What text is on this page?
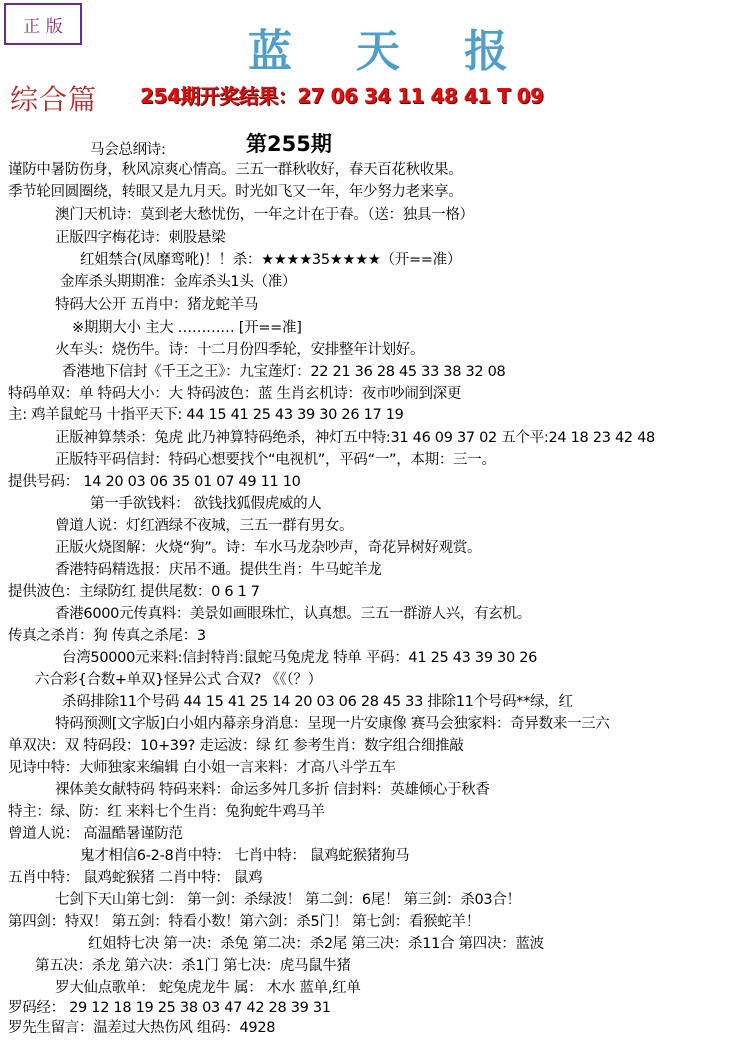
正 版	蓝 天 报
综合篇 254期开奖结果：27 06 34 11 48 41 T 09
第255期
马会总纲诗:
谨防中暑防伤身，秋风凉爽心情高。三五一群秋收好，春天百花秋收果。
季节轮回圆圈绕，转眼又是九月天。时光如飞又一年，年少努力老来享。
澳门天机诗：莫到老大愁忧伤，一年之计在于春。（送：独具一格）
正版四字梅花诗：刺股悬梁
红姐禁合(凤靡鸾吪)！！杀：★★★★35★★★★（开==准）
金库杀头期期准：金库杀头1头（准）
特码大公开 五肖中：猪龙蛇羊马
※期期大小 主大 ………… [开==准]
火车头：烧伤牛。诗：十二月份四季轮，安排整年计划好。
香港地下信封《千王之王》：九宝莲灯：22 21 36 28 45 33 38 32 08
特码单双：单 特码大小：大 特码波色：蓝 生肖玄机诗：夜市吵闹到深更
主: 鸡羊鼠蛇马 十指平天下: 44 15 41 25 43 39 30 26 17 19
正版神算禁杀：兔虎 此乃神算特码绝杀，神灯五中特:31 46 09 37 02 五个平:24 18 23 42 48
正版特平码信封：特码心想要找个“电视机”，平码“一”，本期：三一。
提供号码： 14 20 03 06 35 01 07 49 11 10
第一手欲钱料： 欲钱找狐假虎威的人
曾道人说：灯红酒绿不夜城，三五一群有男女。
正版火烧图解：火烧“狗”。诗：车水马龙杂吵声，奇花异树好观赏。
香港特码精选报：庆吊不通。提供生肖：牛马蛇羊龙
提供波色：主绿防红 提供尾数：0 6 1 7
香港6000元传真料：美景如画眼珠忙，认真想。三五一群游人兴，有玄机。
传真之杀肖：狗 传真之杀尾：3
台湾50000元来料:信封特肖:鼠蛇马兔虎龙 特单 平码：41 25 43 39 30 26
六合彩{合数+单双}怪异公式 合双? 《《（？）
杀码排除11个号码 44 15 41 25 14 20 03 06 28 45 33 排除11个号码**绿，红
特码预测[文字版]白小姐内幕亲身消息：呈现一片安康像 赛马会独家料：奇异数来一三六
单双决：双 特码段：10+39? 走运波：绿 红 参考生肖：数字组合细推敲
见诗中特：大师独家来编辑 白小姐一言来料：才高八斗学五车
裸体美女献特码 特码来料：命运多舛几多折 信封料：英雄倾心于秋香
特主：绿、防：红 来料七个生肖：兔狗蛇牛鸡马羊
曾道人说： 高温酷暑谨防范
鬼才相信6-2-8肖中特： 七肖中特： 鼠鸡蛇猴猪狗马
五肖中特： 鼠鸡蛇猴猪 二肖中特： 鼠鸡
七剑下天山第七剑： 第一剑：杀绿波！ 第二剑：6尾！ 第三剑：杀03合！
第四剑：特双！ 第五剑：特看小数！第六剑：杀5门！ 第七剑：看猴蛇羊！
红姐特七决 第一决：杀兔 第二决：杀2尾 第三决：杀11合 第四决：蓝波
第五决：杀龙 第六决：杀1门 第七决：虎马鼠牛猪
罗大仙点歌单： 蛇兔虎龙牛 属： 木水 蓝单,红单
罗码经： 29 12 18 19 25 38 03 47 42 28 39 31
罗先生留言：温差过大热伤风 组码：4928
